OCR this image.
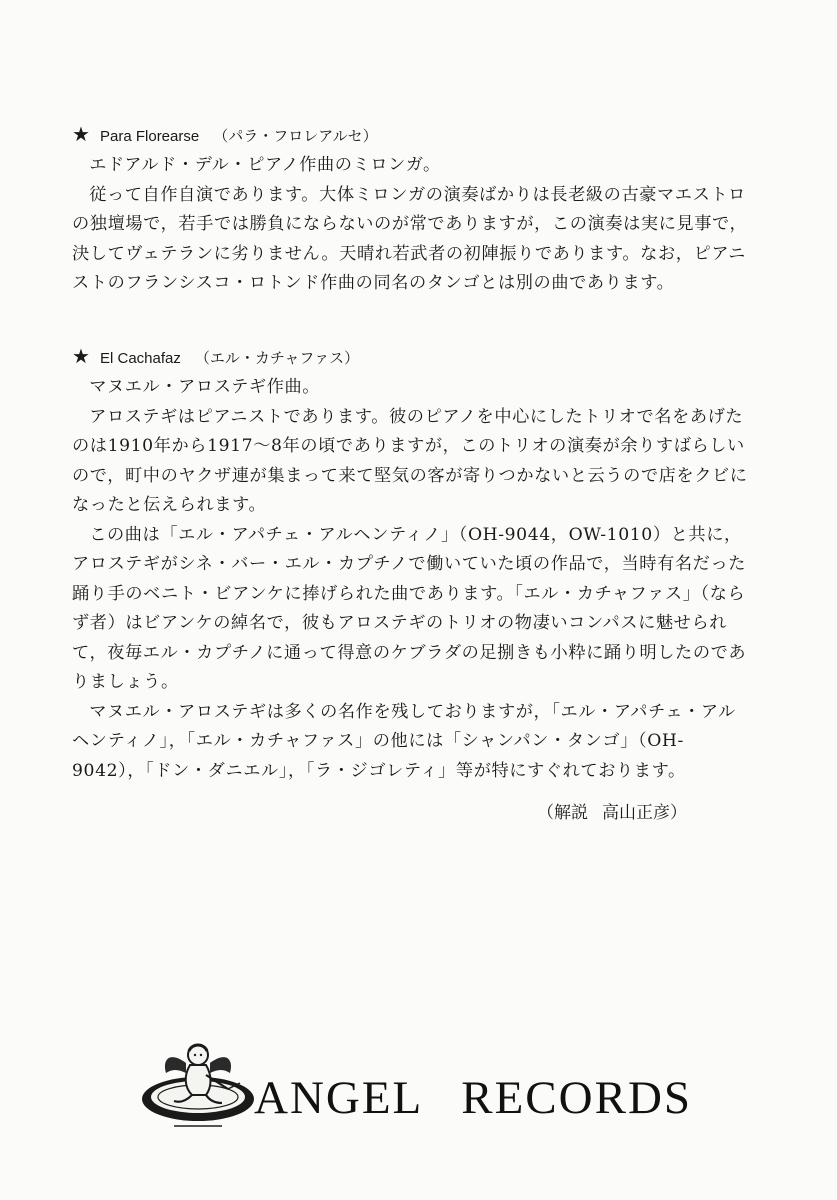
★ Para Florearse （パラ・フロレアルセ）

エドアルド・デル・ピアノ作曲のミロンガ。

従って自作自演であります。大体ミロンガの演奏ばかりは長老級の古豪マエストロの独壇場で，若手では勝負にならないのが常でありますが，この演奏は実に見事で，決してヴェテランに劣りません。天晴れ若武者の初陣振りであります。なお，ピアニストのフランシスコ・ロトンド作曲の同名のタンゴとは別の曲であります。

★ El Cachafaz （エル・カチャファス）

マヌエル・アロステギ作曲。

アロステギはピアニストであります。彼のピアノを中心にしたトリオで名をあげたのは1910年から1917～8年の頃でありますが，このトリオの演奏が余りすばらしいので，町中のヤクザ連が集まって来て堅気の客が寄りつかないと云うので店をクビになったと伝えられます。

この曲は「エル・アパチェ・アルヘンティノ」（OH-9044，OW-1010）と共に，アロステギがシネ・バー・エル・カプチノで働いていた頃の作品で，当時有名だった踊り手のベニト・ビアンケに捧げられた曲であります。「エル・カチャファス」（ならず者）はビアンケの綽名で，彼もアロステギのトリオの物凄いコンパスに魅せられて，夜毎エル・カプチノに通って得意のケブラダの足捌きも小粋に踊り明したのでありましょう。

マヌエル・アロステギは多くの名作を残しておりますが，「エル・アパチェ・アルヘンティノ」，「エル・カチャファス」の他には「シャンパン・タンゴ」（OH-9042），「ドン・ダニエル」，「ラ・ジゴレティ」等が特にすぐれております。

（解説 高山正彦）
ANGEL RECORDS
